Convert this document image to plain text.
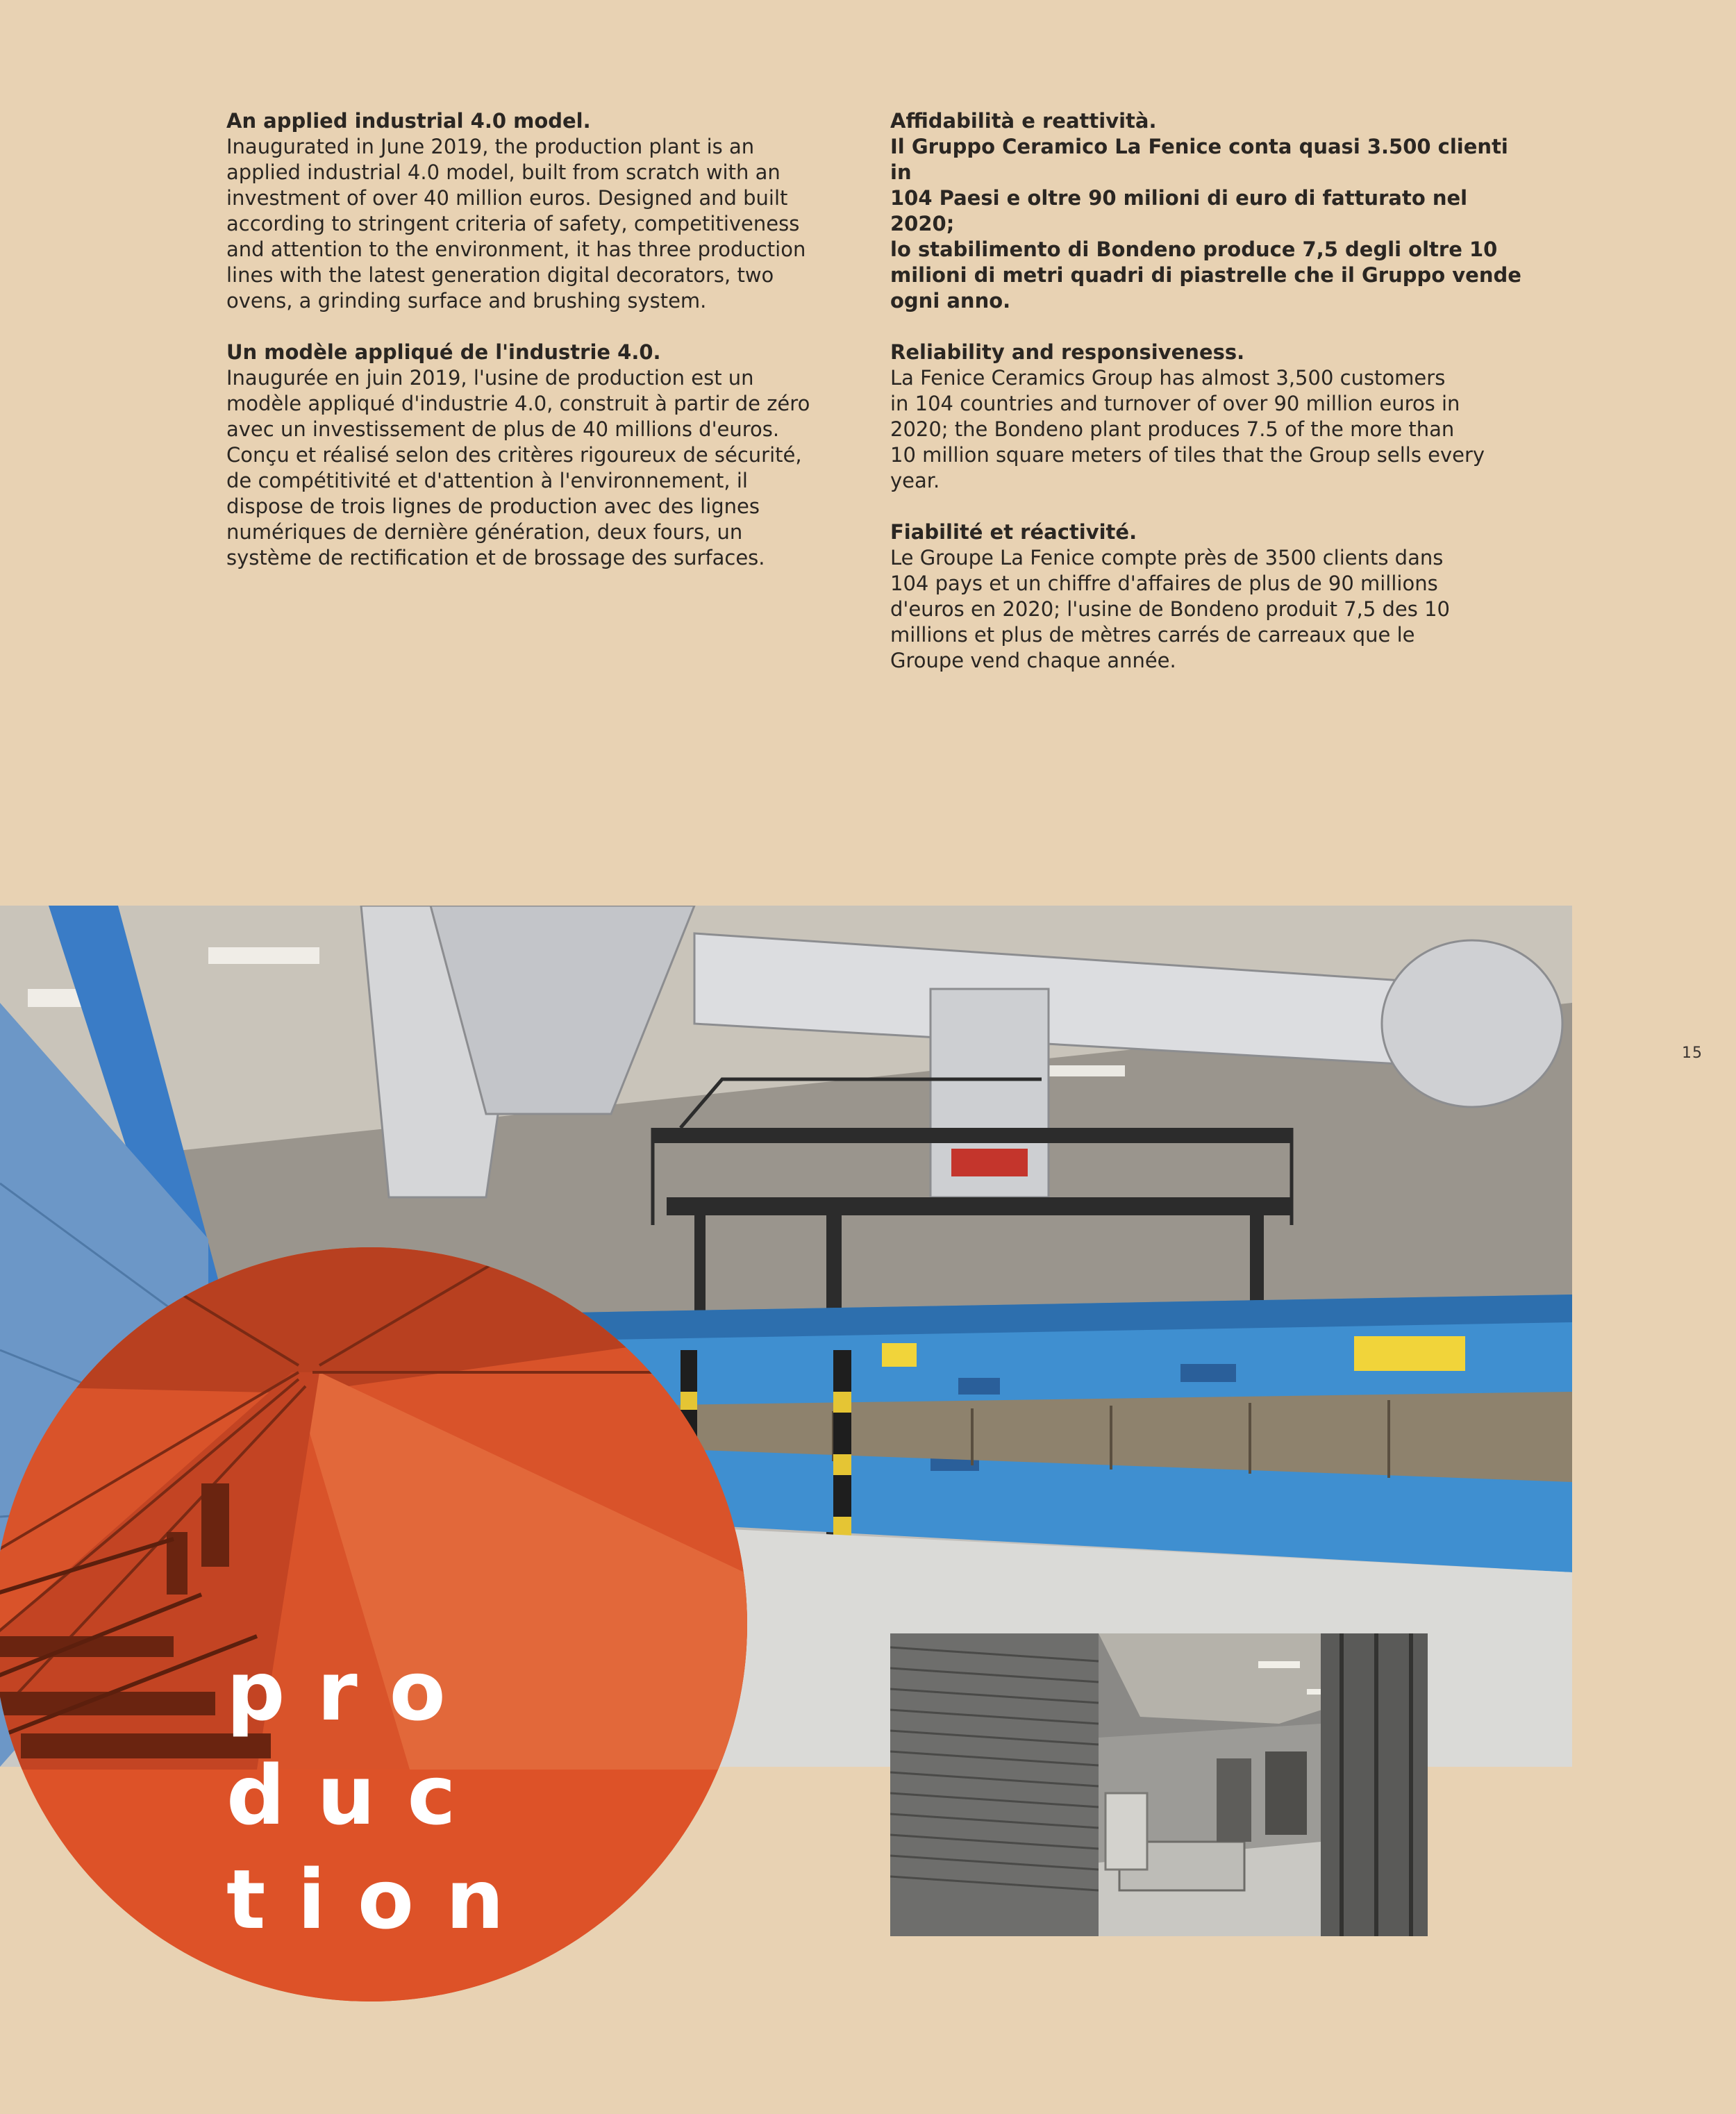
An applied industrial 4.0 model.

Inaugurated in June 2019, the production plant is an

applied industrial 4.0 model, built from scratch with an

investment of over 40 million euros. Designed and built

according to stringent criteria of safety, competitiveness

and attention to the environment, it has three production

lines with the latest generation digital decorators, two

ovens, a grinding surface and brushing system.

Un modèle appliqué de l'industrie 4.0.

Inaugurée en juin 2019, l'usine de production est un

modèle appliqué d'industrie 4.0, construit à partir de zéro

avec un investissement de plus de 40 millions d'euros.

Conçu et réalisé selon des critères rigoureux de sécurité,

de compétitivité et d'attention à l'environnement, il

dispose de trois lignes de production avec des lignes

numériques de dernière génération, deux fours, un

système de rectification et de brossage des surfaces.

Affidabilità e reattività.

Il Gruppo Ceramico La Fenice conta quasi 3.500 clienti in

104 Paesi e oltre 90 milioni di euro di fatturato nel 2020;

lo stabilimento di Bondeno produce 7,5 degli oltre 10

milioni di metri quadri di piastrelle che il Gruppo vende

ogni anno.

Reliability and responsiveness.

La Fenice Ceramics Group has almost 3,500 customers

in 104 countries and turnover of over 90 million euros in

2020; the Bondeno plant produces 7.5 of the more than

10 million square meters of tiles that the Group sells every

year.

Fiabilité et réactivité.

Le Groupe La Fenice compte près de 3500 clients dans

104 pays et un chiffre d'affaires de plus de 90 millions

d'euros en 2020; l'usine de Bondeno produit 7,5 des 10

millions et plus de mètres carrés de carreaux que le

Groupe vend chaque année.

15
pro
duc
tion
